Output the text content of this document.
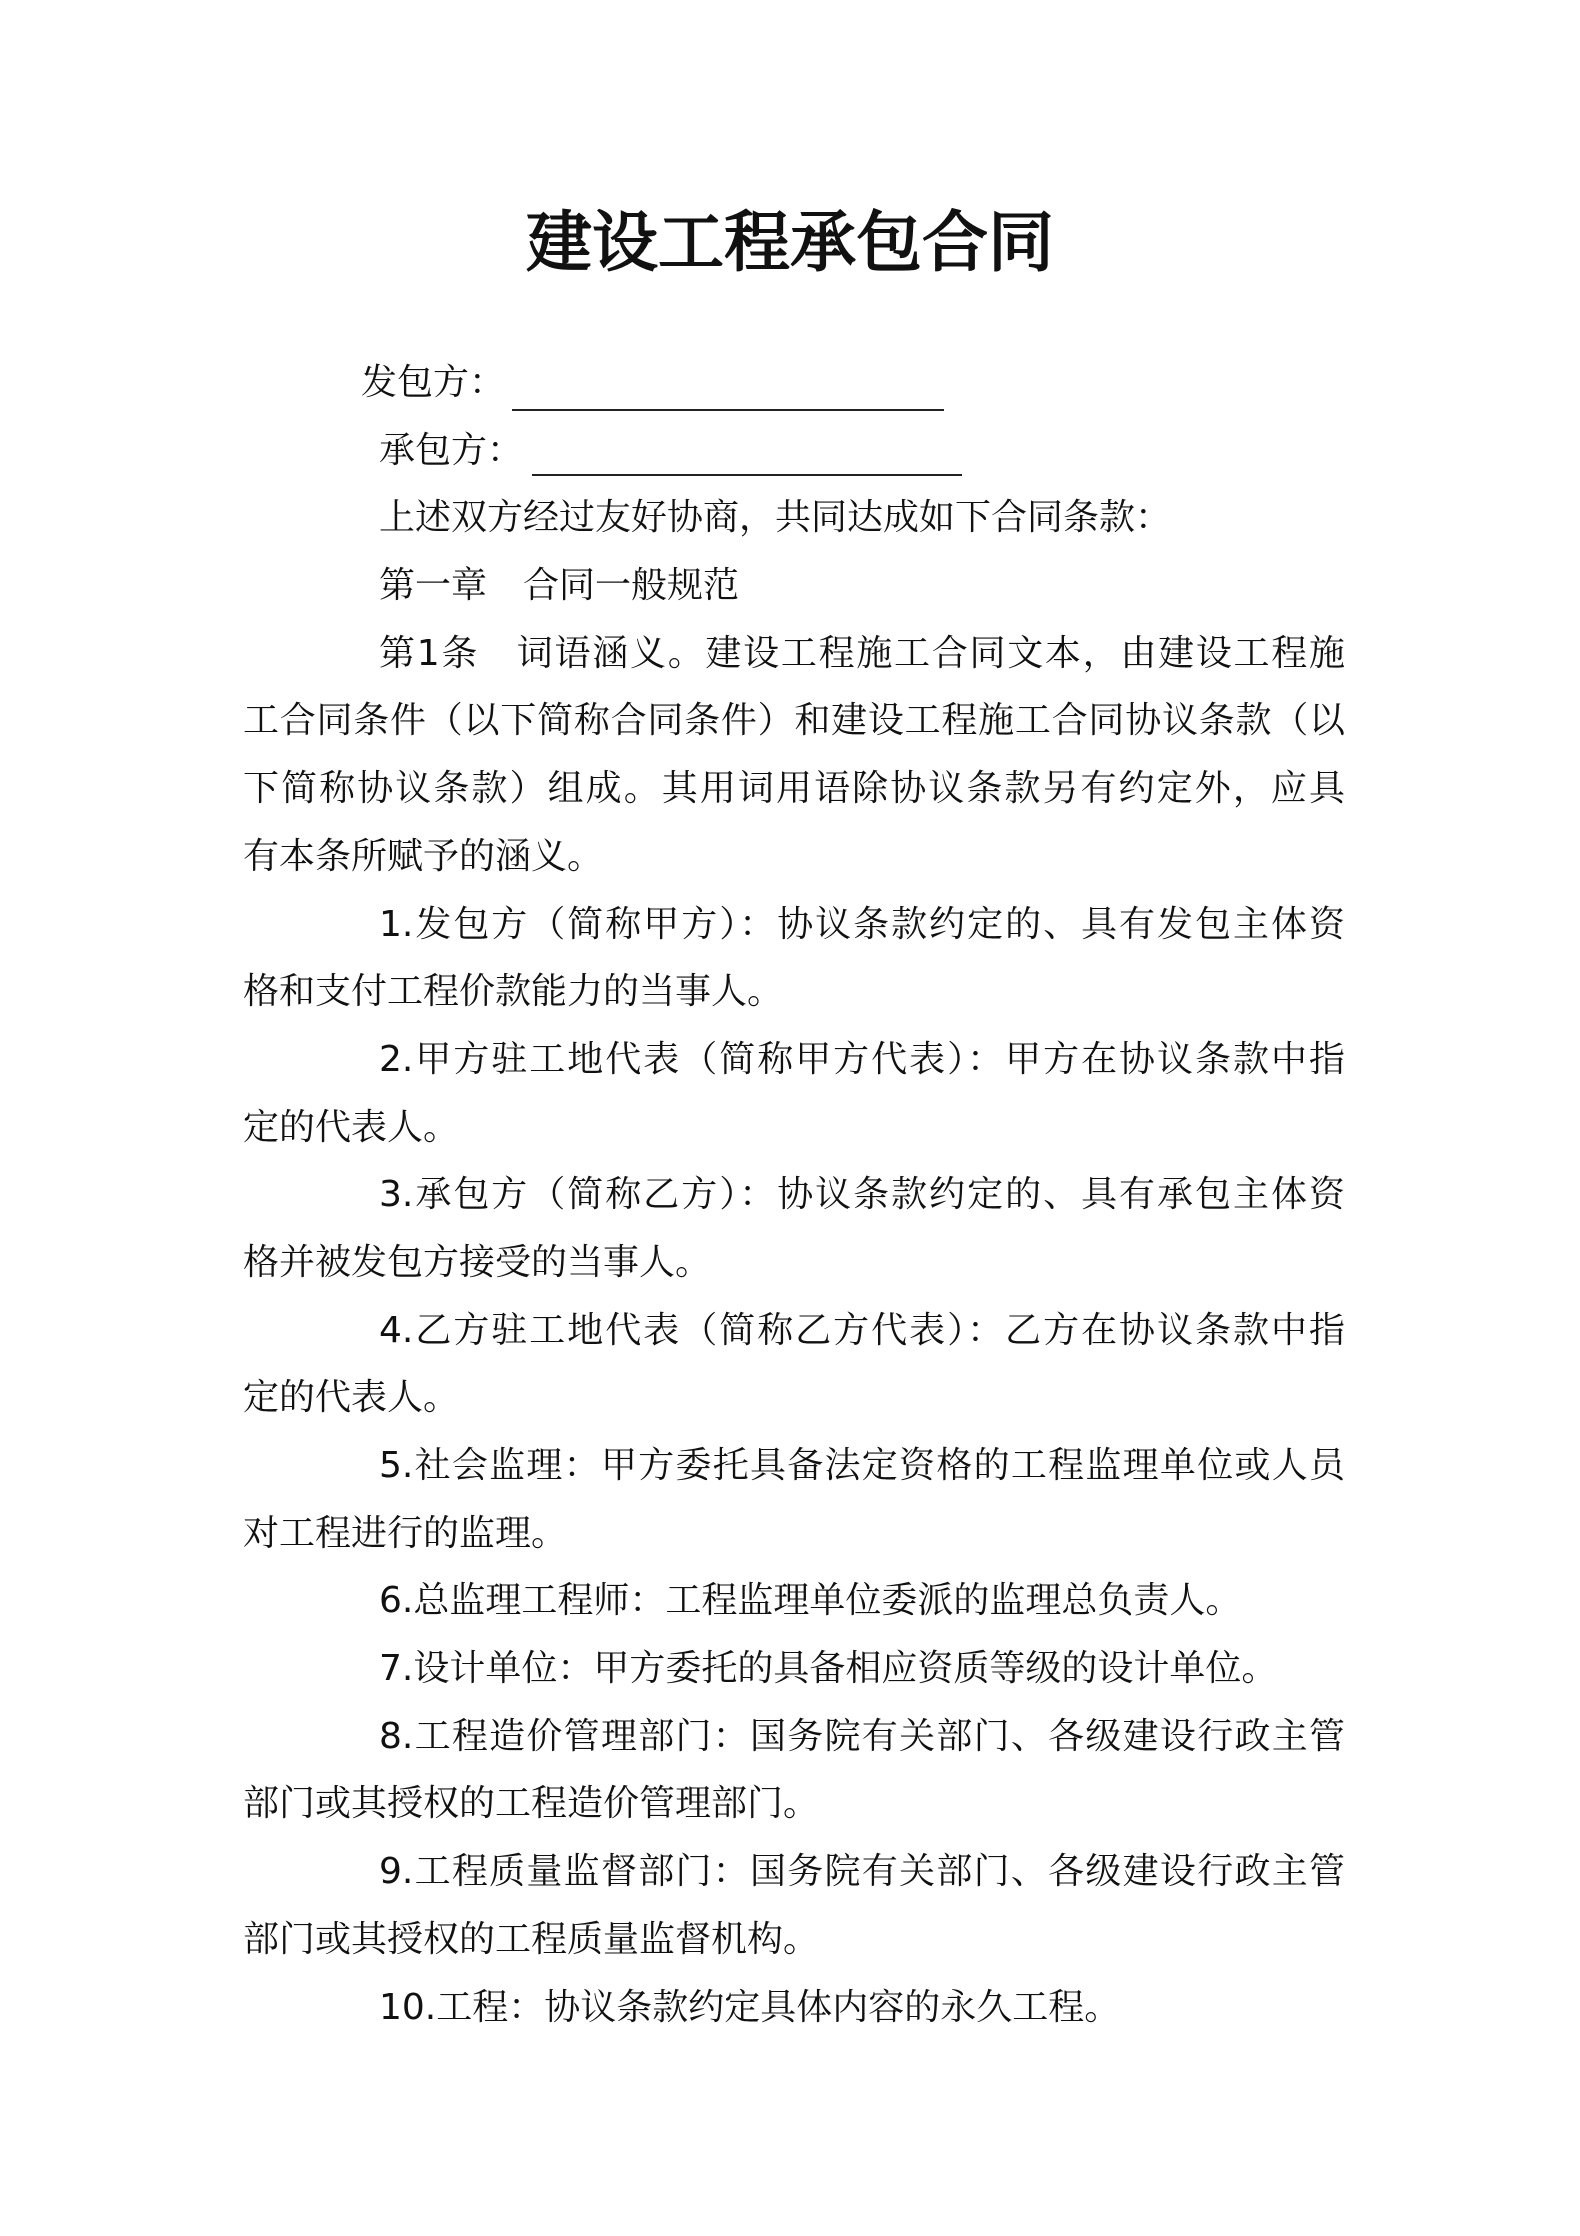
建设工程承包合同
发包方：
承包方：
上述双方经过友好协商，共同达成如下合同条款：
第一章　合同一般规范
第1条　词语涵义。建设工程施工合同文本，由建设工程施
工合同条件（以下简称合同条件）和建设工程施工合同协议条款（以
下简称协议条款）组成。其用词用语除协议条款另有约定外，应具
有本条所赋予的涵义。
1.发包方（简称甲方）：协议条款约定的、具有发包主体资
格和支付工程价款能力的当事人。
2.甲方驻工地代表（简称甲方代表）：甲方在协议条款中指
定的代表人。
3.承包方（简称乙方）：协议条款约定的、具有承包主体资
格并被发包方接受的当事人。
4.乙方驻工地代表（简称乙方代表）：乙方在协议条款中指
定的代表人。
5.社会监理：甲方委托具备法定资格的工程监理单位或人员
对工程进行的监理。
6.总监理工程师：工程监理单位委派的监理总负责人。
7.设计单位：甲方委托的具备相应资质等级的设计单位。
8.工程造价管理部门：国务院有关部门、各级建设行政主管
部门或其授权的工程造价管理部门。
9.工程质量监督部门：国务院有关部门、各级建设行政主管
部门或其授权的工程质量监督机构。
10.工程：协议条款约定具体内容的永久工程。
